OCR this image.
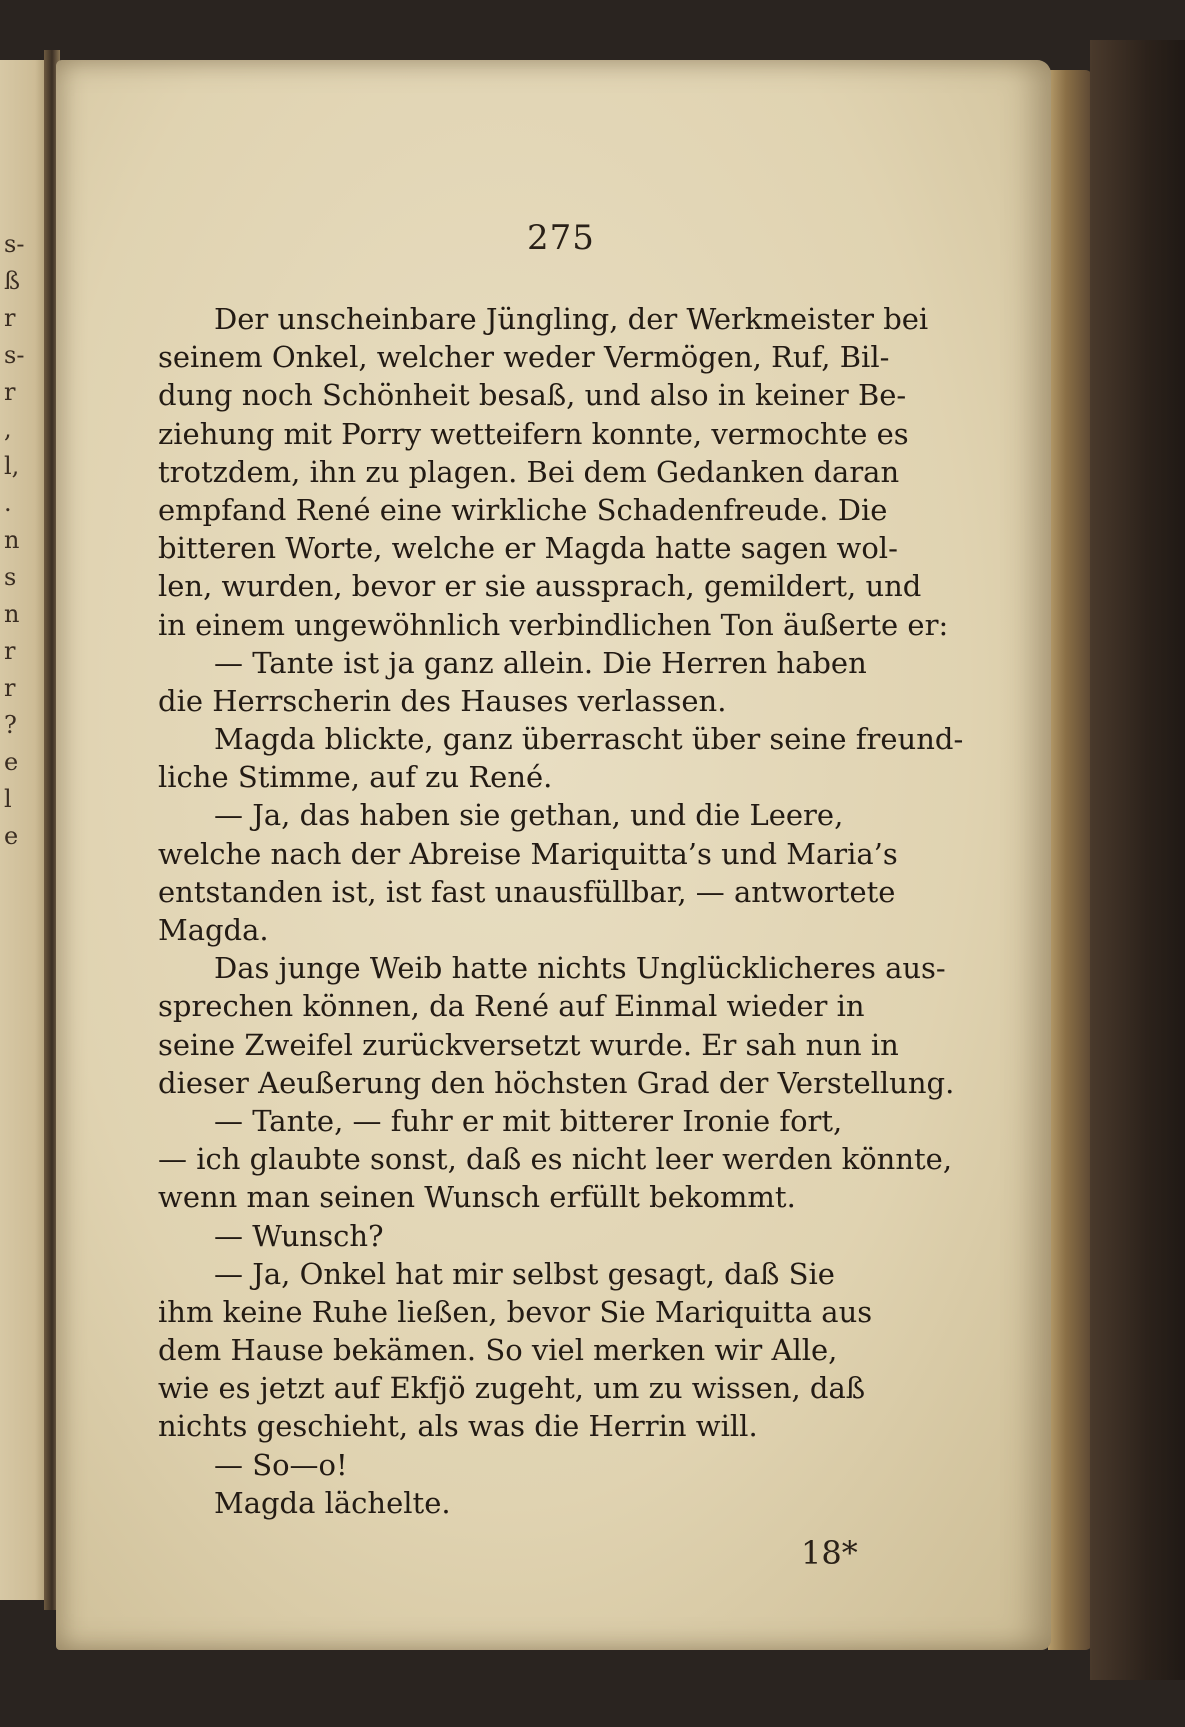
s-
ß
r
s-
r
,
l,
.
n
s
n
r
r
?
e
l
e
275
Der unscheinbare Jüngling, der Werkmeister bei
seinem Onkel, welcher weder Vermögen, Ruf, Bil-
dung noch Schönheit besaß, und also in keiner Be-
ziehung mit Porry wetteifern konnte, vermochte es
trotzdem, ihn zu plagen. Bei dem Gedanken daran
empfand René eine wirkliche Schadenfreude. Die
bitteren Worte, welche er Magda hatte sagen wol-
len, wurden, bevor er sie aussprach, gemildert, und
in einem ungewöhnlich verbindlichen Ton äußerte er:
— Tante ist ja ganz allein. Die Herren haben
die Herrscherin des Hauses verlassen.
Magda blickte, ganz überrascht über seine freund-
liche Stimme, auf zu René.
— Ja, das haben sie gethan, und die Leere,
welche nach der Abreise Mariquitta’s und Maria’s
entstanden ist, ist fast unausfüllbar, — antwortete
Magda.
Das junge Weib hatte nichts Unglücklicheres aus-
sprechen können, da René auf Einmal wieder in
seine Zweifel zurückversetzt wurde. Er sah nun in
dieser Aeußerung den höchsten Grad der Verstellung.
— Tante, — fuhr er mit bitterer Ironie fort,
— ich glaubte sonst, daß es nicht leer werden könnte,
wenn man seinen Wunsch erfüllt bekommt.
— Wunsch?
— Ja, Onkel hat mir selbst gesagt, daß Sie
ihm keine Ruhe ließen, bevor Sie Mariquitta aus
dem Hause bekämen. So viel merken wir Alle,
wie es jetzt auf Ekfjö zugeht, um zu wissen, daß
nichts geschieht, als was die Herrin will.
— So—o!
Magda lächelte.
18*
